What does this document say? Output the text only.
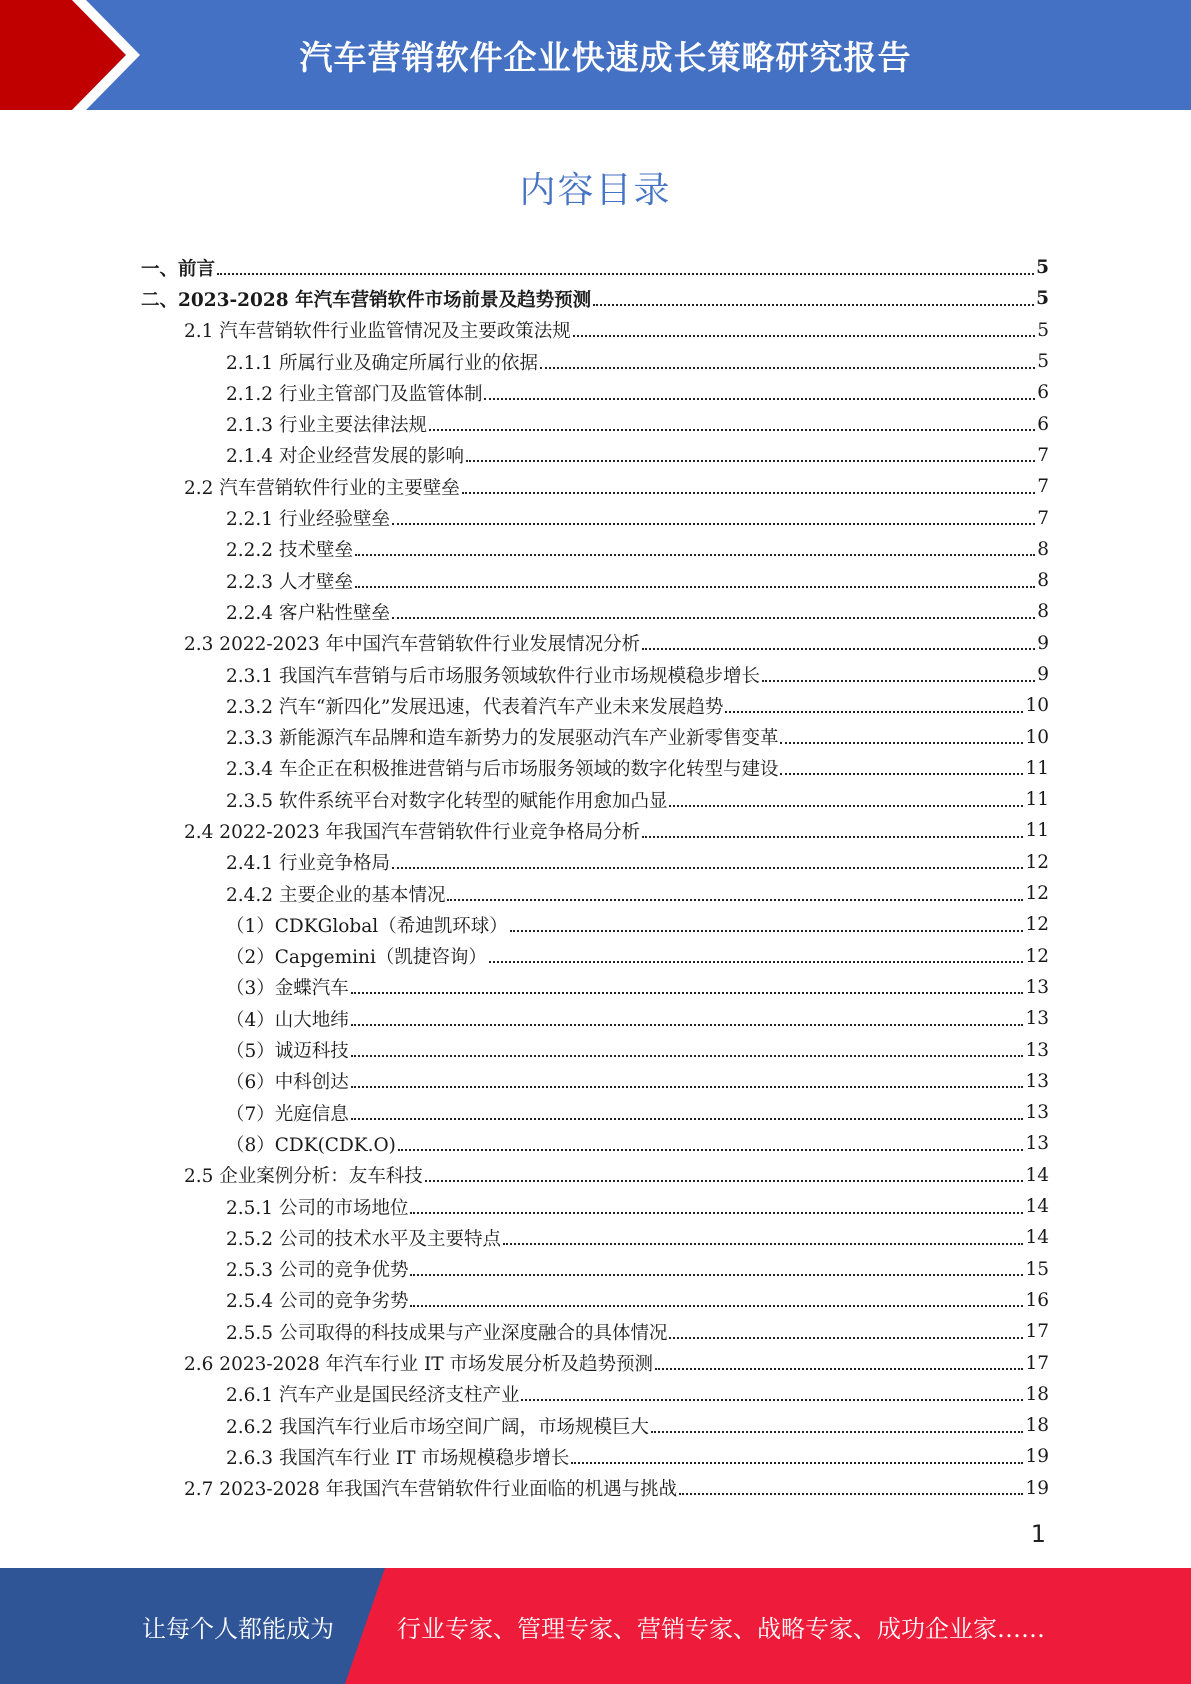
汽车营销软件企业快速成长策略研究报告
内容目录
一、前言	5
二、2023-2028 年汽车营销软件市场前景及趋势预测	5
2.1 汽车营销软件行业监管情况及主要政策法规	5
2.1.1 所属行业及确定所属行业的依据	5
2.1.2 行业主管部门及监管体制	6
2.1.3 行业主要法律法规	6
2.1.4 对企业经营发展的影响	7
2.2 汽车营销软件行业的主要壁垒	7
2.2.1 行业经验壁垒	7
2.2.2 技术壁垒	8
2.2.3 人才壁垒	8
2.2.4 客户粘性壁垒	8
2.3 2022-2023 年中国汽车营销软件行业发展情况分析	9
2.3.1 我国汽车营销与后市场服务领域软件行业市场规模稳步增长	9
2.3.2 汽车“新四化”发展迅速，代表着汽车产业未来发展趋势	10
2.3.3 新能源汽车品牌和造车新势力的发展驱动汽车产业新零售变革	10
2.3.4 车企正在积极推进营销与后市场服务领域的数字化转型与建设	11
2.3.5 软件系统平台对数字化转型的赋能作用愈加凸显	11
2.4 2022-2023 年我国汽车营销软件行业竞争格局分析	11
2.4.1 行业竞争格局	12
2.4.2 主要企业的基本情况	12
（1）CDKGlobal（希迪凯环球）	12
（2）Capgemini（凯捷咨询）	12
（3）金蝶汽车	13
（4）山大地纬	13
（5）诚迈科技	13
（6）中科创达	13
（7）光庭信息	13
（8）CDK(CDK.O)	13
2.5 企业案例分析：友车科技	14
2.5.1 公司的市场地位	14
2.5.2 公司的技术水平及主要特点	14
2.5.3 公司的竞争优势	15
2.5.4 公司的竞争劣势	16
2.5.5 公司取得的科技成果与产业深度融合的具体情况	17
2.6 2023-2028 年汽车行业 IT 市场发展分析及趋势预测	17
2.6.1 汽车产业是国民经济支柱产业	18
2.6.2 我国汽车行业后市场空间广阔，市场规模巨大	18
2.6.3 我国汽车行业 IT 市场规模稳步增长	19
2.7 2023-2028 年我国汽车营销软件行业面临的机遇与挑战	19
1
让每个人都能成为	行业专家、管理专家、营销专家、战略专家、成功企业家……
